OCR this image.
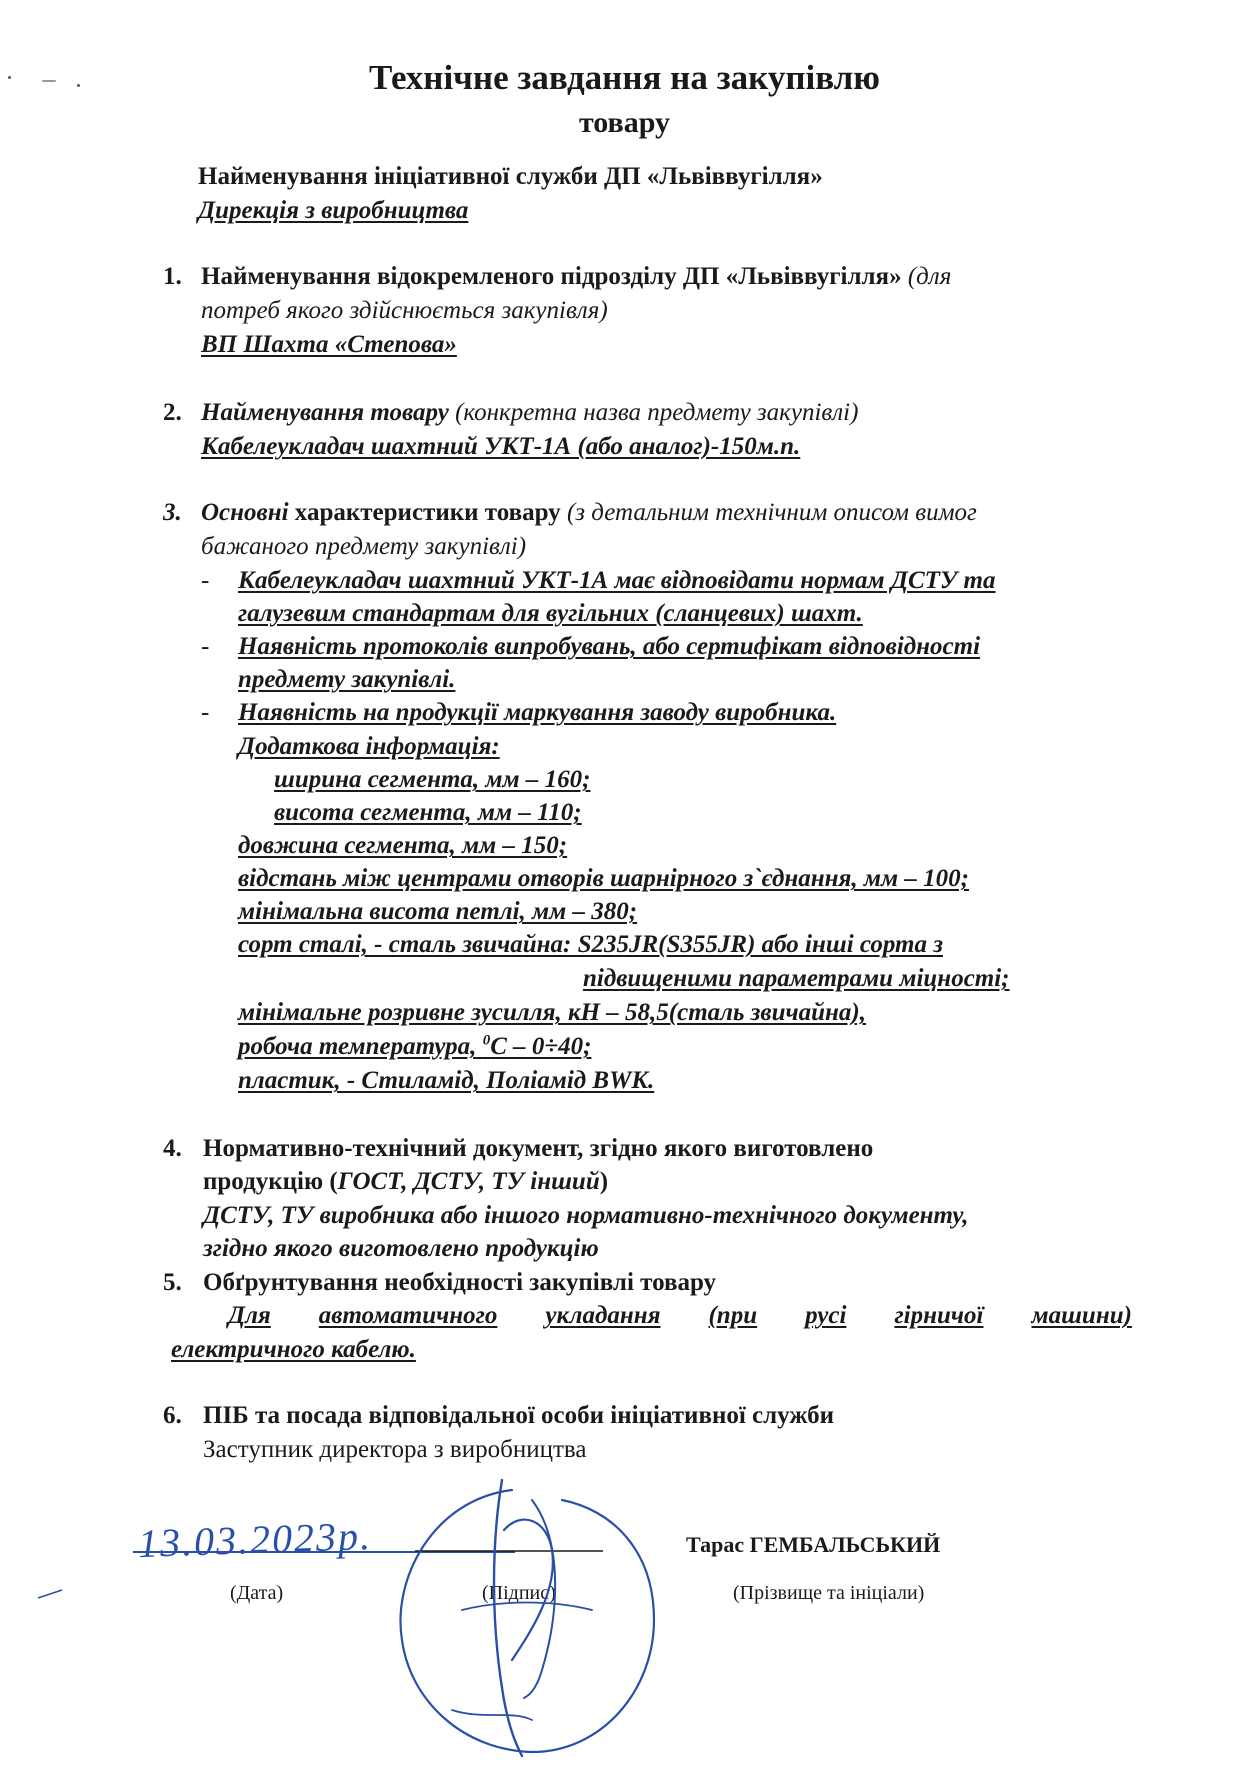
Технічне завдання на закупівлю
товару
Найменування ініціативної служби ДП «Львіввугілля»
Дирекція з виробництва
1. Найменування відокремленого підрозділу ДП «Львіввугілля» (для
потреб якого здійснюється закупівля)
ВП Шахта «Степова»
2. Найменування товару (конкретна назва предмету закупівлі)
Кабелеукладач шахтний УКТ-1А (або аналог)-150м.п.
3. Основні характеристики товару (з детальним технічним описом вимог
бажаного предмету закупівлі)
- Кабелеукладач шахтний УКТ-1А має відповідати нормам ДСТУ та
галузевим стандартам для вугільних (сланцевих) шахт.
- Наявність протоколів випробувань, або сертифікат відповідності
предмету закупівлі.
- Наявність на продукції маркування заводу виробника.
Додаткова інформація:
ширина сегмента, мм – 160;
висота сегмента, мм – 110;
довжина сегмента, мм – 150;
відстань між центрами отворів шарнірного з`єднання, мм – 100;
мінімальна висота петлі, мм – 380;
сорт сталі, - сталь звичайна: S235JR(S355JR) або інші сорта з
підвищеними параметрами міцності;
мінімальне розривне зусилля, кН – 58,5(сталь звичайна),
робоча температура, $^0$С – 0÷40;
пластик, - Стиламід, Поліамід BWK.
4. Нормативно-технічний документ, згідно якого виготовлено
продукцію (ГОСТ, ДСТУ, ТУ інший)
ДСТУ, ТУ виробника або іншого нормативно-технічного документу,
згідно якого виготовлено продукцію
5. Обґрунтування необхідності закупівлі товару
Для автоматичного укладання (при русі гірничої машини)
електричного кабелю.
6. ПІБ та посада відповідальної особи ініціативної служби
Заступник директора з виробництва
13.03.2023р.	Тарас ГЕМБАЛЬСЬКИЙ
(Дата)	(Підпис)	(Прізвище та ініціали)
